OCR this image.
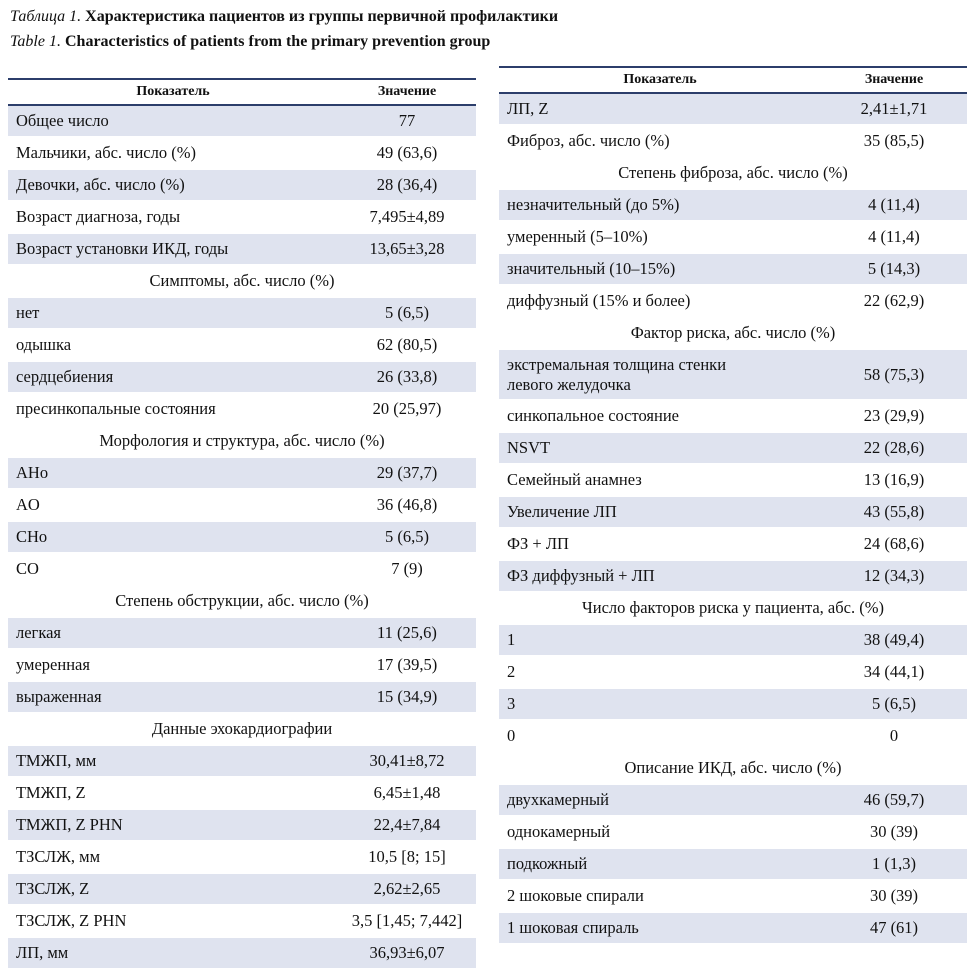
Таблица 1. Характеристика пациентов из группы первичной профилактики
Table 1. Characteristics of patients from the primary prevention group
Показатель	Значение
Общее число	77
Мальчики, абс. число (%)	49 (63,6)
Девочки, абс. число (%)	28 (36,4)
Возраст диагноза, годы	7,495±4,89
Возраст установки ИКД, годы	13,65±3,28
Симптомы, абс. число (%)	
нет	5 (6,5)
одышка	62 (80,5)
сердцебиения	26 (33,8)
пресинкопальные состояния	20 (25,97)
Морфология и структура, абс. число (%)	
AHo	29 (37,7)
AO	36 (46,8)
CHo	5 (6,5)
CO	7 (9)
Степень обструкции, абс. число (%)	
легкая	11 (25,6)
умеренная	17 (39,5)
выраженная	15 (34,9)
Данные эхокардиографии	
ТМЖП, мм	30,41±8,72
ТМЖП, Z	6,45±1,48
ТМЖП, Z PHN	22,4±7,84
ТЗСЛЖ, мм	10,5 [8; 15]
ТЗСЛЖ, Z	2,62±2,65
ТЗСЛЖ, Z PHN	3,5 [1,45; 7,442]
ЛП, мм	36,93±6,07
Показатель	Значение
ЛП, Z	2,41±1,71
Фиброз, абс. число (%)	35 (85,5)
Степень фиброза, абс. число (%)	
незначительный (до 5%)	4 (11,4)
умеренный (5–10%)	4 (11,4)
значительный (10–15%)	5 (14,3)
диффузный (15% и более)	22 (62,9)
Фактор риска, абс. число (%)	
экстремальная толщина стенки
левого желудочка	58 (75,3)
синкопальное состояние	23 (29,9)
NSVT	22 (28,6)
Семейный анамнез	13 (16,9)
Увеличение ЛП	43 (55,8)
ФЗ + ЛП	24 (68,6)
ФЗ диффузный + ЛП	12 (34,3)
Число факторов риска у пациента, абс. (%)	
1	38 (49,4)
2	34 (44,1)
3	5 (6,5)
0	0
Описание ИКД, абс. число (%)	
двухкамерный	46 (59,7)
однокамерный	30 (39)
подкожный	1 (1,3)
2 шоковые спирали	30 (39)
1 шоковая спираль	47 (61)
